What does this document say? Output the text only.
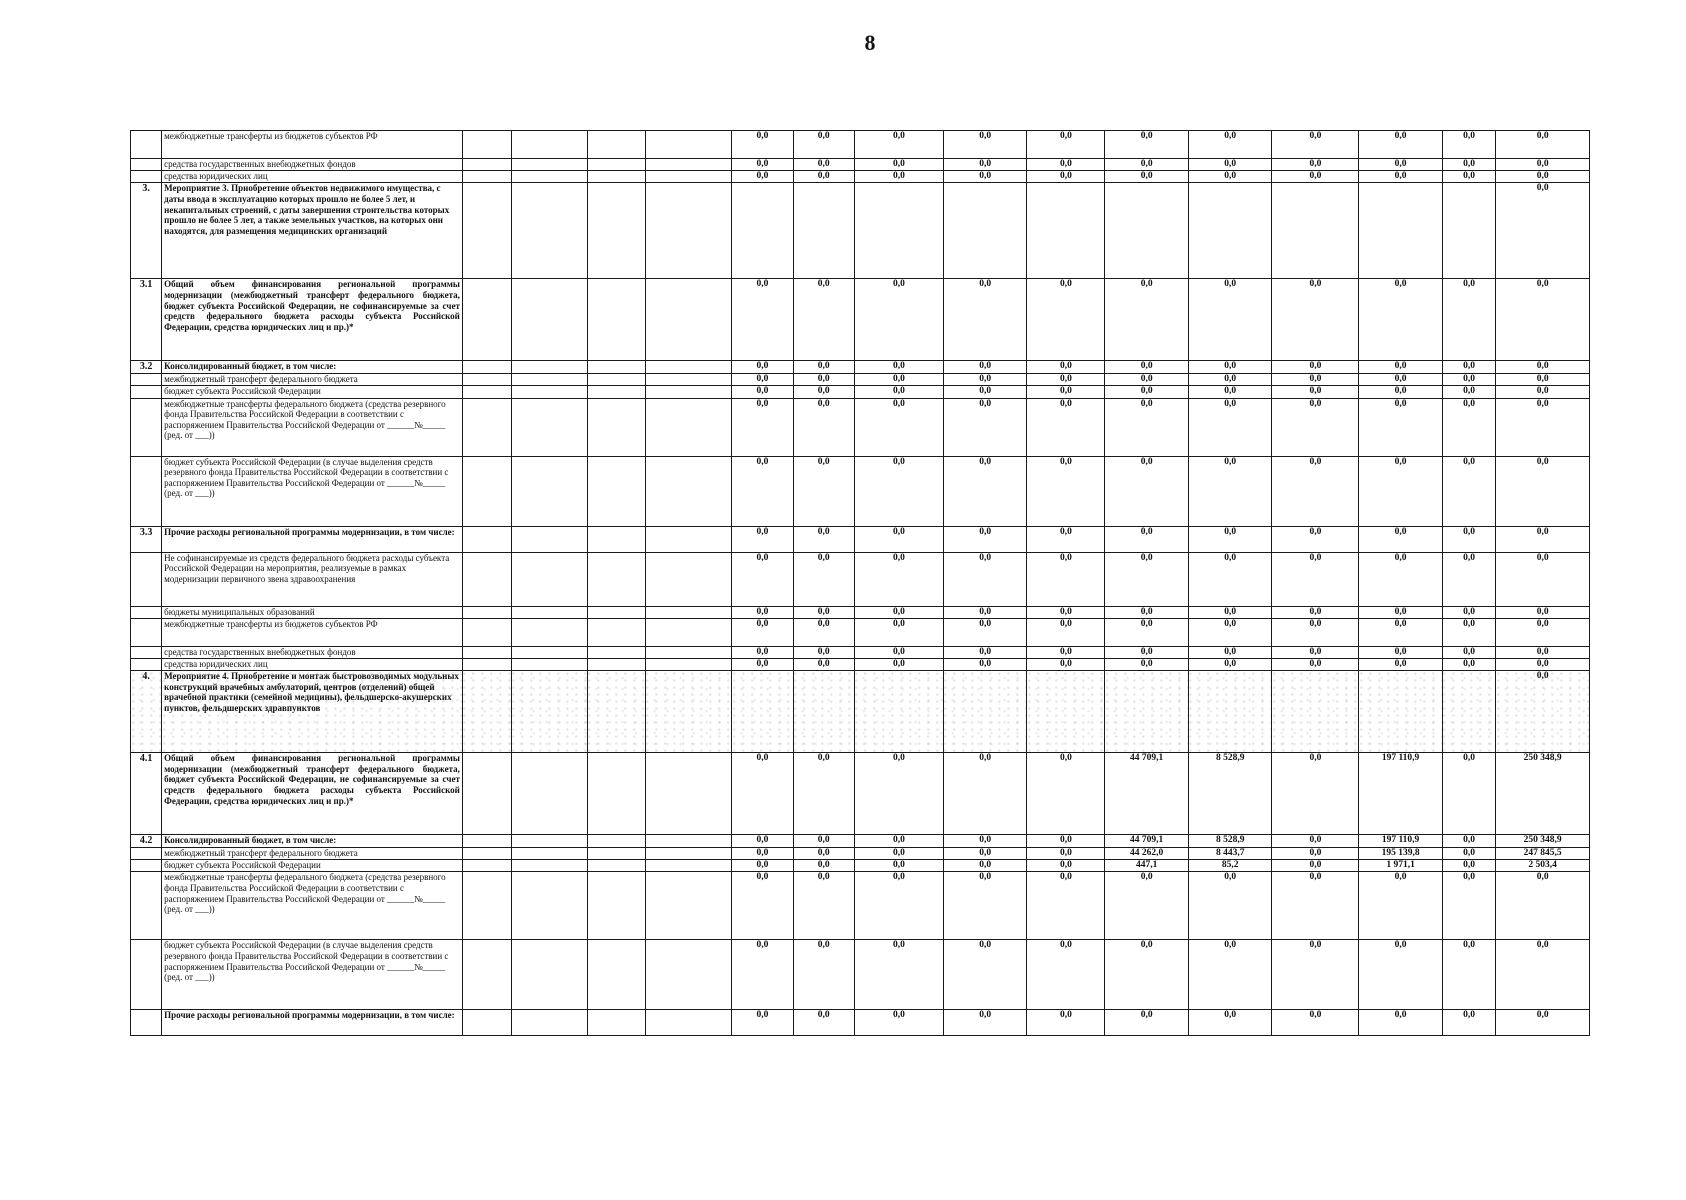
8
	межбюджетные трансферты из бюджетов субъектов РФ					0,0	0,0	0,0	0,0	0,0	0,0	0,0	0,0	0,0	0,0	0,0
	средства государственных внебюджетных фондов					0,0	0,0	0,0	0,0	0,0	0,0	0,0	0,0	0,0	0,0	0,0
	средства юридических лиц					0,0	0,0	0,0	0,0	0,0	0,0	0,0	0,0	0,0	0,0	0,0
3.	Мероприятие 3. Приобретение объектов недвижимого имущества, с даты ввода в эксплуатацию которых прошло не более 5 лет, и некапитальных строений, с даты завершения строительства которых прошло не более 5 лет, а также земельных участков, на которых они находятся, для размещения медицинских организаций															0,0
3.1	Общий объем финансирования региональной программы модернизации (межбюджетный трансферт федерального бюджета, бюджет субъекта Российской Федерации, не софинансируемые за счет средств федерального бюджета расходы субъекта Российской Федерации, средства юридических лиц и пр.)*					0,0	0,0	0,0	0,0	0,0	0,0	0,0	0,0	0,0	0,0	0,0
3.2	Консолидированный бюджет, в том числе:					0,0	0,0	0,0	0,0	0,0	0,0	0,0	0,0	0,0	0,0	0,0
	межбюджетный трансферт федерального бюджета					0,0	0,0	0,0	0,0	0,0	0,0	0,0	0,0	0,0	0,0	0,0
	бюджет субъекта Российской Федерации					0,0	0,0	0,0	0,0	0,0	0,0	0,0	0,0	0,0	0,0	0,0
	межбюджетные трансферты федерального бюджета (средства резервного фонда Правительства Российской Федерации в соответствии с распоряжением Правительства Российской Федерации от ______№_____ (ред. от ___))					0,0	0,0	0,0	0,0	0,0	0,0	0,0	0,0	0,0	0,0	0,0
	бюджет субъекта Российской Федерации (в случае выделения средств резервного фонда Правительства Российской Федерации в соответствии с распоряжением Правительства Российской Федерации от ______№_____ (ред. от ___))					0,0	0,0	0,0	0,0	0,0	0,0	0,0	0,0	0,0	0,0	0,0
3.3	Прочие расходы региональной программы модернизации, в том числе:					0,0	0,0	0,0	0,0	0,0	0,0	0,0	0,0	0,0	0,0	0,0
	Не софинансируемые из средств федерального бюджета расходы субъекта Российской Федерации на мероприятия, реализуемые в рамках модернизации первичного звена здравоохранения					0,0	0,0	0,0	0,0	0,0	0,0	0,0	0,0	0,0	0,0	0,0
	бюджеты муниципальных образований					0,0	0,0	0,0	0,0	0,0	0,0	0,0	0,0	0,0	0,0	0,0
	межбюджетные трансферты из бюджетов субъектов РФ					0,0	0,0	0,0	0,0	0,0	0,0	0,0	0,0	0,0	0,0	0,0
	средства государственных внебюджетных фондов					0,0	0,0	0,0	0,0	0,0	0,0	0,0	0,0	0,0	0,0	0,0
	средства юридических лиц					0,0	0,0	0,0	0,0	0,0	0,0	0,0	0,0	0,0	0,0	0,0
4.	Мероприятие 4. Приобретение и монтаж быстровозводимых модульных конструкций врачебных амбулаторий, центров (отделений) общей врачебной практики (семейной медицины), фельдшерско-акушерских пунктов, фельдшерских здравпунктов															0,0
4.1	Общий объем финансирования региональной программы модернизации (межбюджетный трансферт федерального бюджета, бюджет субъекта Российской Федерации, не софинансируемые за счет средств федерального бюджета расходы субъекта Российской Федерации, средства юридических лиц и пр.)*					0,0	0,0	0,0	0,0	0,0	44 709,1	8 528,9	0,0	197 110,9	0,0	250 348,9
4.2	Консолидированный бюджет, в том числе:					0,0	0,0	0,0	0,0	0,0	44 709,1	8 528,9	0,0	197 110,9	0,0	250 348,9
	межбюджетный трансферт федерального бюджета					0,0	0,0	0,0	0,0	0,0	44 262,0	8 443,7	0,0	195 139,8	0,0	247 845,5
	бюджет субъекта Российской Федерации					0,0	0,0	0,0	0,0	0,0	447,1	85,2	0,0	1 971,1	0,0	2 503,4
	межбюджетные трансферты федерального бюджета (средства резервного фонда Правительства Российской Федерации в соответствии с распоряжением Правительства Российской Федерации от ______№_____ (ред. от ___))					0,0	0,0	0,0	0,0	0,0	0,0	0,0	0,0	0,0	0,0	0,0
	бюджет субъекта Российской Федерации (в случае выделения средств резервного фонда Правительства Российской Федерации в соответствии с распоряжением Правительства Российской Федерации от ______№_____ (ред. от ___))					0,0	0,0	0,0	0,0	0,0	0,0	0,0	0,0	0,0	0,0	0,0
	Прочие расходы региональной программы модернизации, в том числе:					0,0	0,0	0,0	0,0	0,0	0,0	0,0	0,0	0,0	0,0	0,0
